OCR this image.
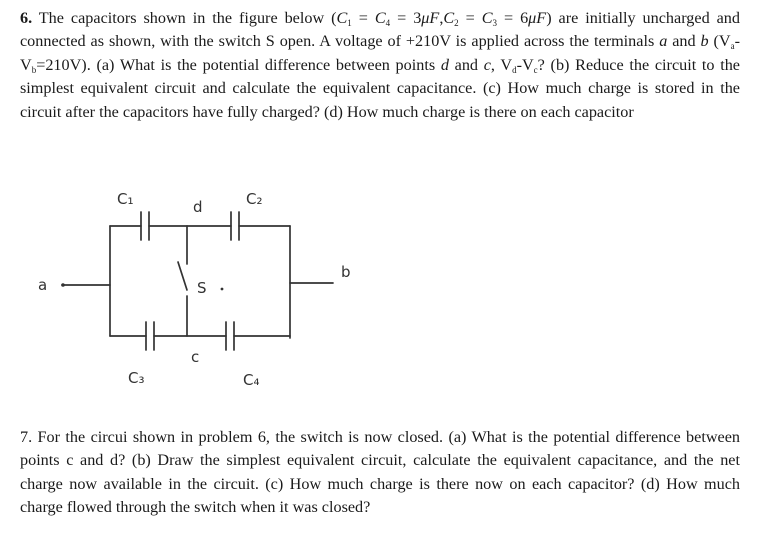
6. The capacitors shown in the figure below $(C_1 = C_4 = 3\mu F,C_2 = C_3 = 6\mu F)$ are initially uncharged and connected as shown, with the switch S open. A voltage of +210V is applied across the terminals a and b $(V_a-V_b=210V)$. (a) What is the potential difference between points d and c, $V_d-V_c$? (b) Reduce the circuit to the simplest equivalent circuit and calculate the equivalent capacitance. (c) How much charge is stored in the circuit after the capacitors have fully charged? (d) How much charge is there on each capacitor
C₁	d	C₂
a	S
b
c
C₃	C₄
7. For the circui shown in problem 6, the switch is now closed. (a) What is the potential difference between points c and d? (b) Draw the simplest equivalent circuit, calculate the equivalent capacitance, and the net charge now available in the circuit. (c) How much charge is there now on each capacitor? (d) How much charge flowed through the switch when it was closed?
